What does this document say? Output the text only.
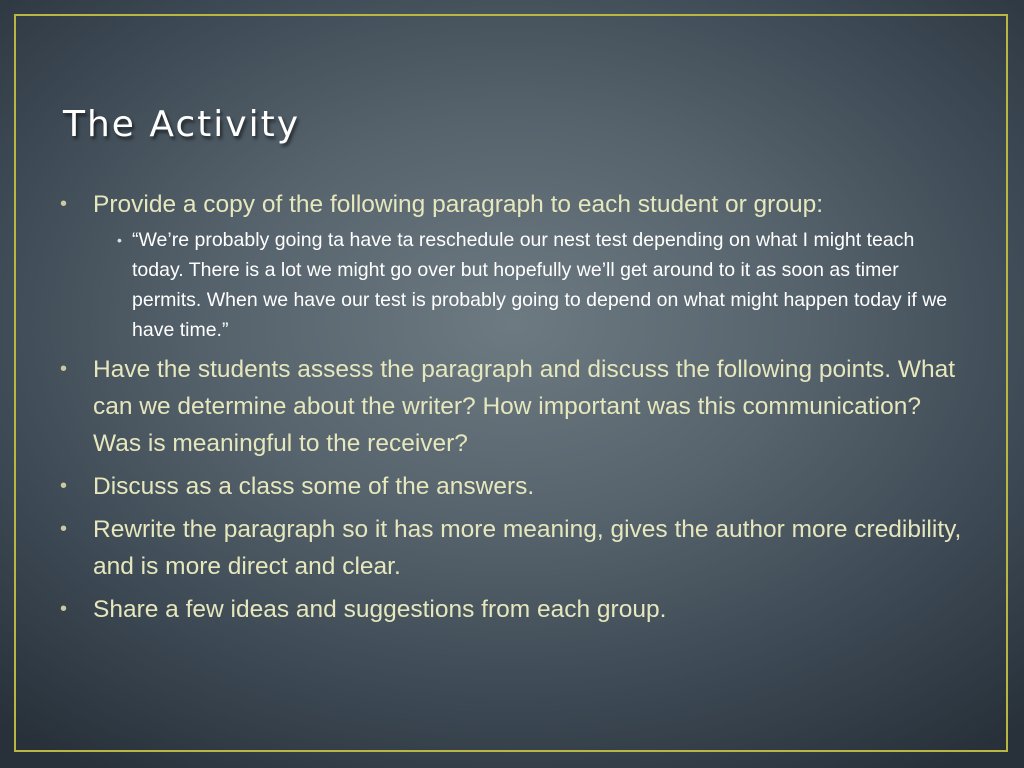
The Activity
• Provide a copy of the following paragraph to each student or group:
• “We’re probably going ta have ta reschedule our nest test depending on what I might teach today. There is a lot we might go over but hopefully we’ll get around to it as soon as timer permits. When we have our test is probably going to depend on what might happen today if we have time.”
• Have the students assess the paragraph and discuss the following points. What can we determine about the writer? How important was this communication? Was is meaningful to the receiver?
• Discuss as a class some of the answers.
• Rewrite the paragraph so it has more meaning, gives the author more credibility, and is more direct and clear.
• Share a few ideas and suggestions from each group.
